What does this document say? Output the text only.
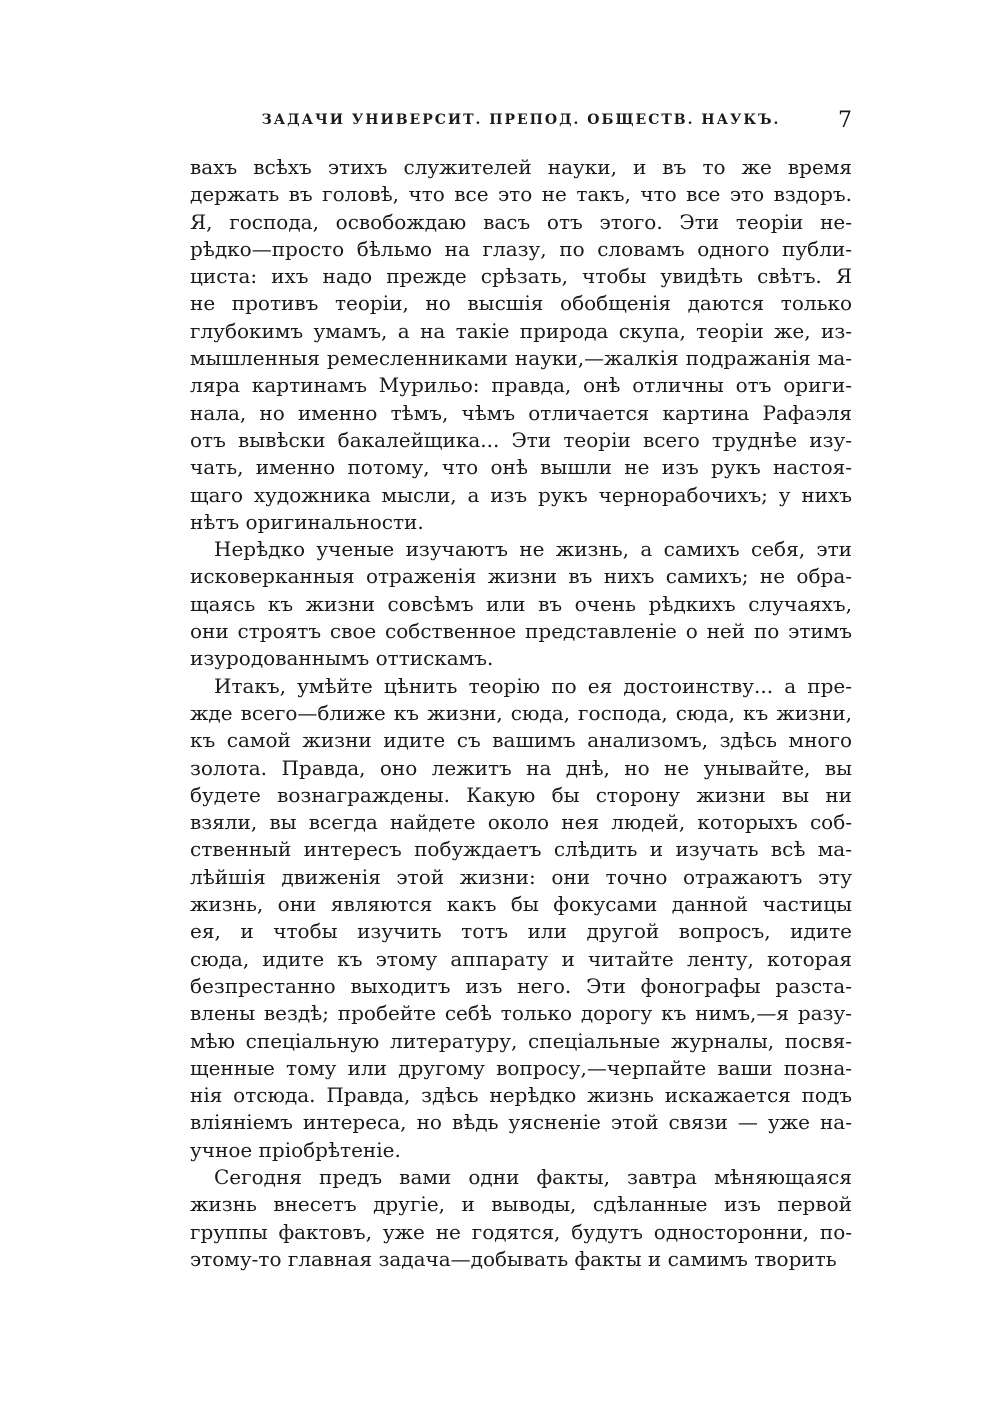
ЗАДАЧИ УНИВЕРСИТ. ПРЕПОД. ОБЩЕСТВ. НАУКЪ.	7
вахъ всѣхъ этихъ служителей науки, и въ то же время
держать въ головѣ, что все это не такъ, что все это вздоръ.
Я, господа, освобождаю васъ отъ этого. Эти теоріи не-
рѣдко—просто бѣльмо на глазу, по словамъ одного публи-
циста: ихъ надо прежде срѣзать, чтобы увидѣть свѣтъ. Я
не противъ теоріи, но высшія обобщенія даются только
глубокимъ умамъ, а на такіе природа скупа, теоріи же, из-
мышленныя ремесленниками науки,—жалкія подражанія ма-
ляра картинамъ Мурильо: правда, онѣ отличны отъ ориги-
нала, но именно тѣмъ, чѣмъ отличается картина Рафаэля
отъ вывѣски бакалейщика... Эти теоріи всего труднѣе изу-
чать, именно потому, что онѣ вышли не изъ рукъ настоя-
щаго художника мысли, а изъ рукъ чернорабочихъ; у нихъ
нѣтъ оригинальности.
Нерѣдко ученые изучаютъ не жизнь, а самихъ себя, эти
исковерканныя отраженія жизни въ нихъ самихъ; не обра-
щаясь къ жизни совсѣмъ или въ очень рѣдкихъ случаяхъ,
они строятъ свое собственное представленіе о ней по этимъ
изуродованнымъ оттискамъ.
Итакъ, умѣйте цѣнить теорію по ея достоинству... а пре-
жде всего—ближе къ жизни, сюда, господа, сюда, къ жизни,
къ самой жизни идите съ вашимъ анализомъ, здѣсь много
золота. Правда, оно лежитъ на днѣ, но не унывайте, вы
будете вознаграждены. Какую бы сторону жизни вы ни
взяли, вы всегда найдете около нея людей, которыхъ соб-
ственный интересъ побуждаетъ слѣдить и изучать всѣ ма-
лѣйшія движенія этой жизни: они точно отражаютъ эту
жизнь, они являются какъ бы фокусами данной частицы
ея, и чтобы изучить тотъ или другой вопросъ, идите
сюда, идите къ этому аппарату и читайте ленту, которая
безпрестанно выходитъ изъ него. Эти фонографы разста-
влены вездѣ; пробейте себѣ только дорогу къ нимъ,—я разу-
мѣю спеціальную литературу, спеціальные журналы, посвя-
щенные тому или другому вопросу,—черпайте ваши позна-
нія отсюда. Правда, здѣсь нерѣдко жизнь искажается подъ
вліяніемъ интереса, но вѣдь уясненіе этой связи — уже на-
учное пріобрѣтеніе.
Сегодня предъ вами одни факты, завтра мѣняющаяся
жизнь внесетъ другіе, и выводы, сдѣланные изъ первой
группы фактовъ, уже не годятся, будутъ односторонни, по-
этому-то главная задача—добывать факты и самимъ творить
